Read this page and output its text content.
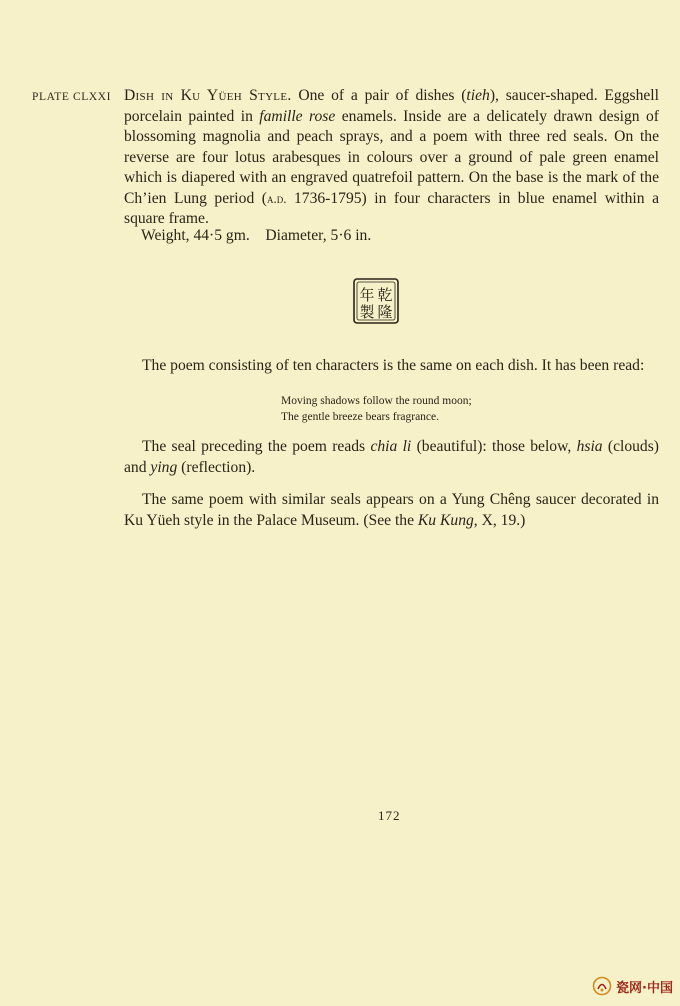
PLATE CLXXI Dish in Ku Yüeh Style. One of a pair of dishes (tieh), saucer-shaped. Eggshell porcelain painted in famille rose enamels. Inside are a delicately drawn design of blossoming magnolia and peach sprays, and a poem with three red seals. On the reverse are four lotus arabesques in colours over a ground of pale green enamel which is diapered with an engraved quatrefoil pattern. On the base is the mark of the Ch’ien Lung period (a.d. 1736-1795) in four characters in blue enamel within a square frame.
Weight, 44·5 gm.    Diameter, 5·6 in.
乾
隆
年
製
The poem consisting of ten characters is the same on each dish. It has been read:
Moving shadows follow the round moon;
The gentle breeze bears fragrance.
The seal preceding the poem reads chia li (beautiful): those below, hsia (clouds) and ying (reflection).
The same poem with similar seals appears on a Yung Chêng saucer decorated in Ku Yüeh style in the Palace Museum. (See the Ku Kung, X, 19.)
172
瓷网·中国
